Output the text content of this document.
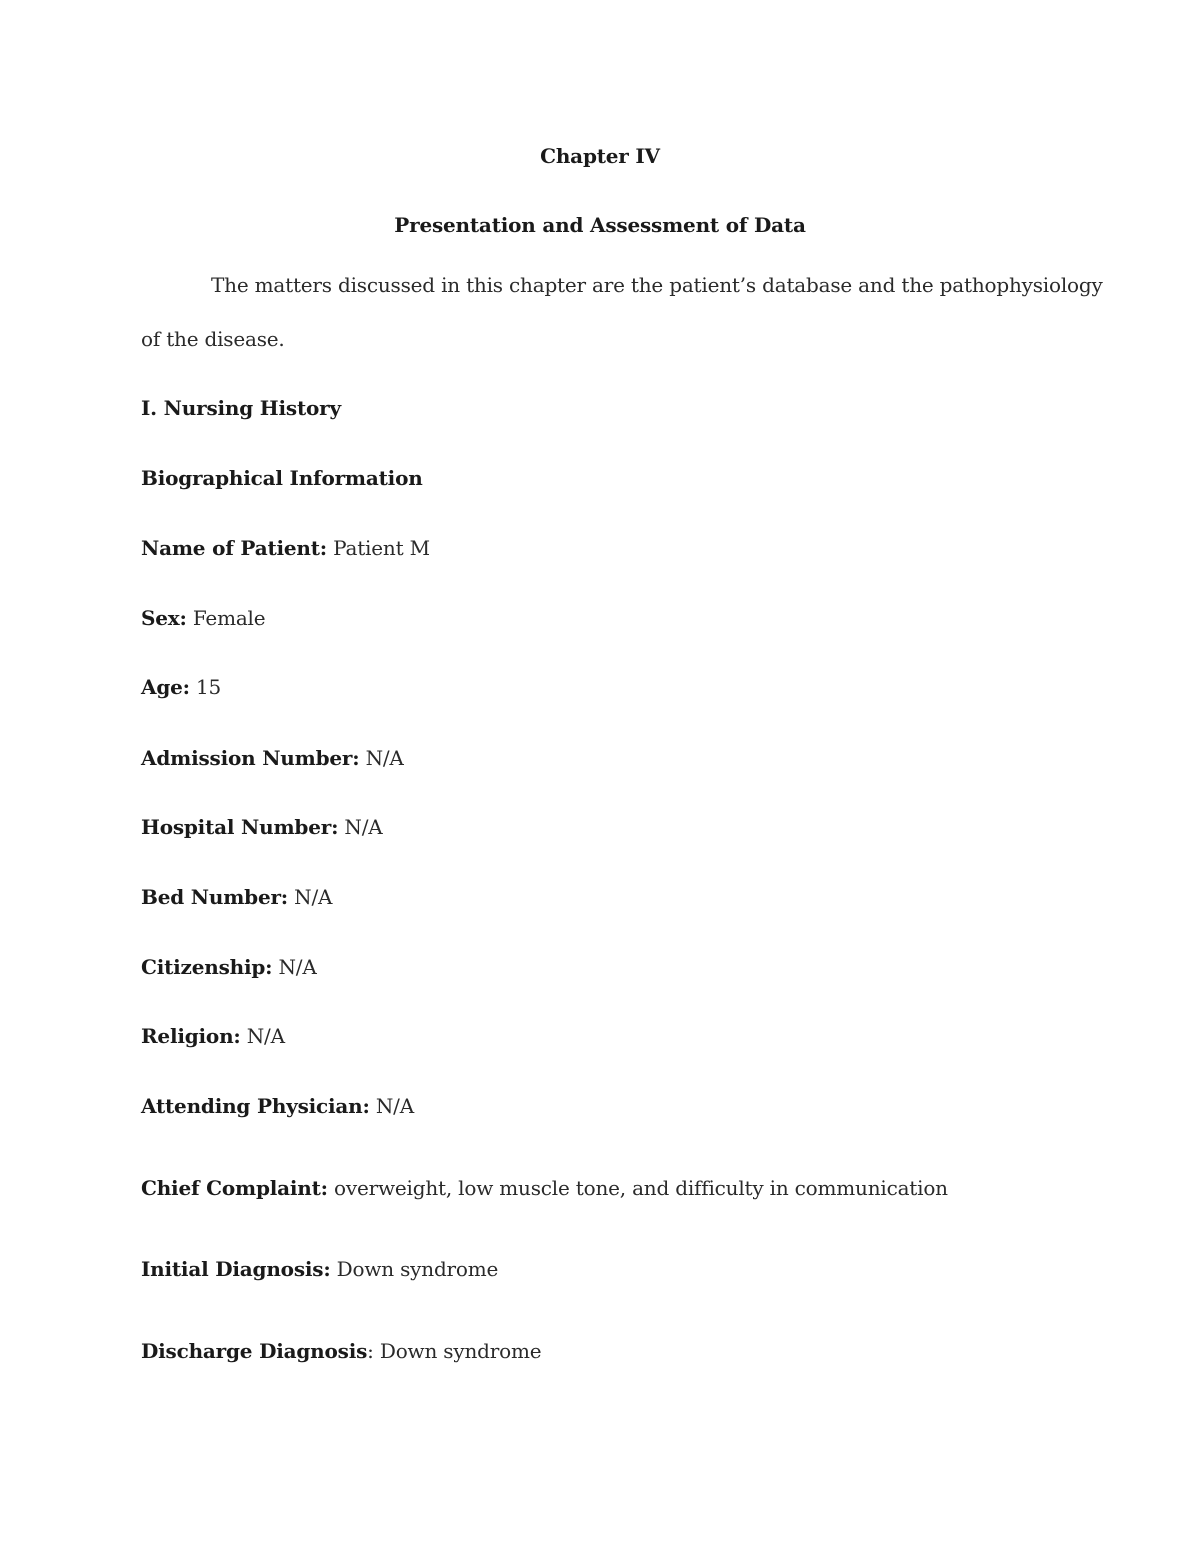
Chapter IV
Presentation and Assessment of Data
The matters discussed in this chapter are the patient’s database and the pathophysiology
of the disease.
I. Nursing History
Biographical Information
Name of Patient: Patient M
Sex: Female
Age: 15
Admission Number: N/A
Hospital Number: N/A
Bed Number: N/A
Citizenship: N/A
Religion: N/A
Attending Physician: N/A
Chief Complaint: overweight, low muscle tone, and difficulty in communication
Initial Diagnosis: Down syndrome
Discharge Diagnosis: Down syndrome
